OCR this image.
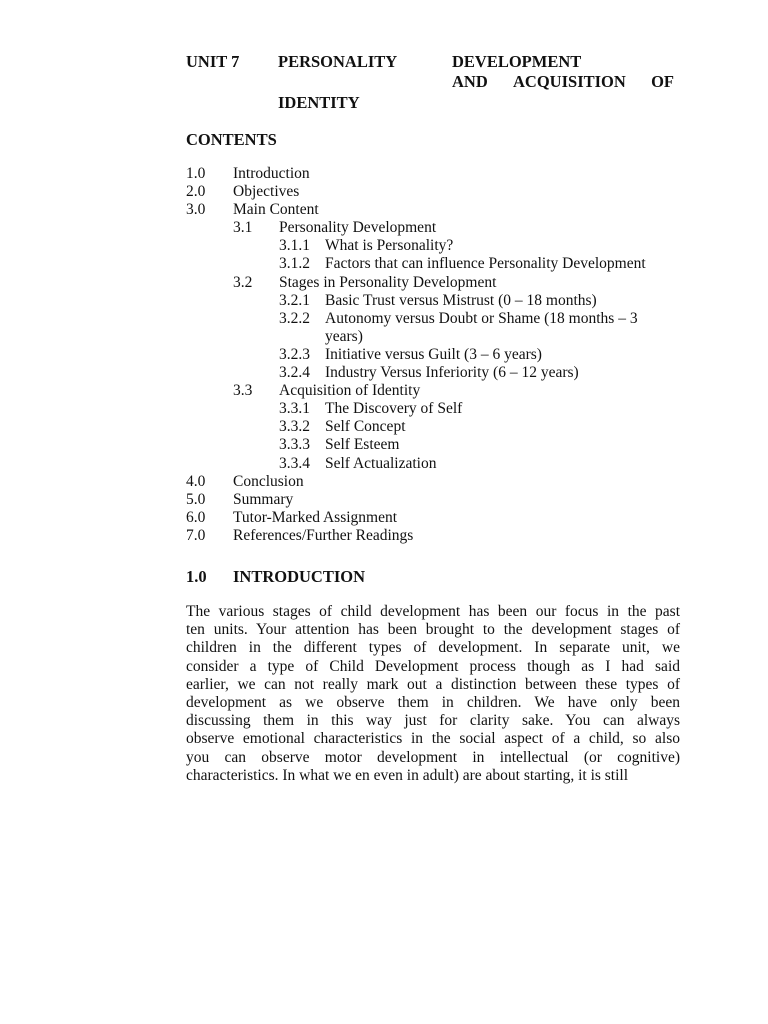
UNIT 7 PERSONALITY	DEVELOPMENT
AND ACQUISITION OF
IDENTITY
CONTENTS
1.0 Introduction
2.0 Objectives
3.0 Main Content
3.1 Personality Development
3.1.1 What is Personality?
3.1.2 Factors that can influence Personality Development
3.2 Stages in Personality Development
3.2.1 Basic Trust versus Mistrust (0 – 18 months)
3.2.2 Autonomy versus Doubt or Shame (18 months – 3 years)
3.2.3 Initiative versus Guilt (3 – 6 years)
3.2.4 Industry Versus Inferiority (6 – 12 years)
3.3 Acquisition of Identity
3.3.1 The Discovery of Self
3.3.2 Self Concept
3.3.3 Self Esteem
3.3.4 Self Actualization
4.0 Conclusion
5.0 Summary
6.0 Tutor-Marked Assignment
7.0 References/Further Readings
1.0 INTRODUCTION
The various stages of child development has been our focus in the past
ten units. Your attention has been brought to the development stages of
children in the different types of development. In separate unit, we
consider a type of Child Development process though as I had said
earlier, we can not really mark out a distinction between these types of
development as we observe them in children. We have only been
discussing them in this way just for clarity sake. You can always
observe emotional characteristics in the social aspect of a child, so also
you can observe motor development in intellectual (or cognitive)
characteristics. In what we en even in adult) are about starting, it is still
